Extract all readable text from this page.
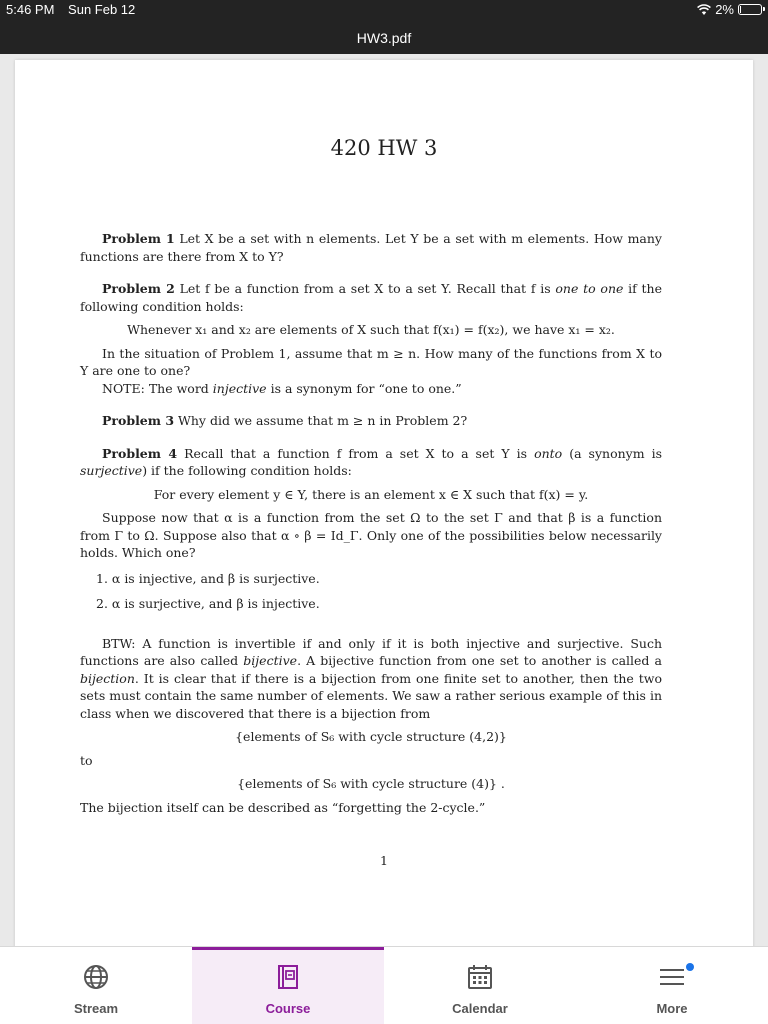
5:46 PM Sun Feb 12	2%
HW3.pdf
420 HW 3
Problem 1 Let X be a set with n elements. Let Y be a set with m elements. How many functions are there from X to Y?
Problem 2 Let f be a function from a set X to a set Y. Recall that f is one to one if the following condition holds:
Whenever x₁ and x₂ are elements of X such that f(x₁) = f(x₂), we have x₁ = x₂.
In the situation of Problem 1, assume that m ≥ n. How many of the functions from X to Y are one to one?
NOTE: The word injective is a synonym for “one to one.”
Problem 3 Why did we assume that m ≥ n in Problem 2?
Problem 4 Recall that a function f from a set X to a set Y is onto (a synonym is surjective) if the following condition holds:
For every element y ∈ Y, there is an element x ∈ X such that f(x) = y.
Suppose now that α is a function from the set Ω to the set Γ and that β is a function from Γ to Ω. Suppose also that α ∘ β = Id_Γ. Only one of the possibilities below necessarily holds. Which one?
1. α is injective, and β is surjective.
2. α is surjective, and β is injective.
BTW: A function is invertible if and only if it is both injective and surjective. Such functions are also called bijective. A bijective function from one set to another is called a bijection. It is clear that if there is a bijection from one finite set to another, then the two sets must contain the same number of elements. We saw a rather serious example of this in class when we discovered that there is a bijection from
{elements of S₆ with cycle structure (4,2)}
to
{elements of S₆ with cycle structure (4)} .
The bijection itself can be described as “forgetting the 2-cycle.”
1
Stream	Course	Calendar	More
